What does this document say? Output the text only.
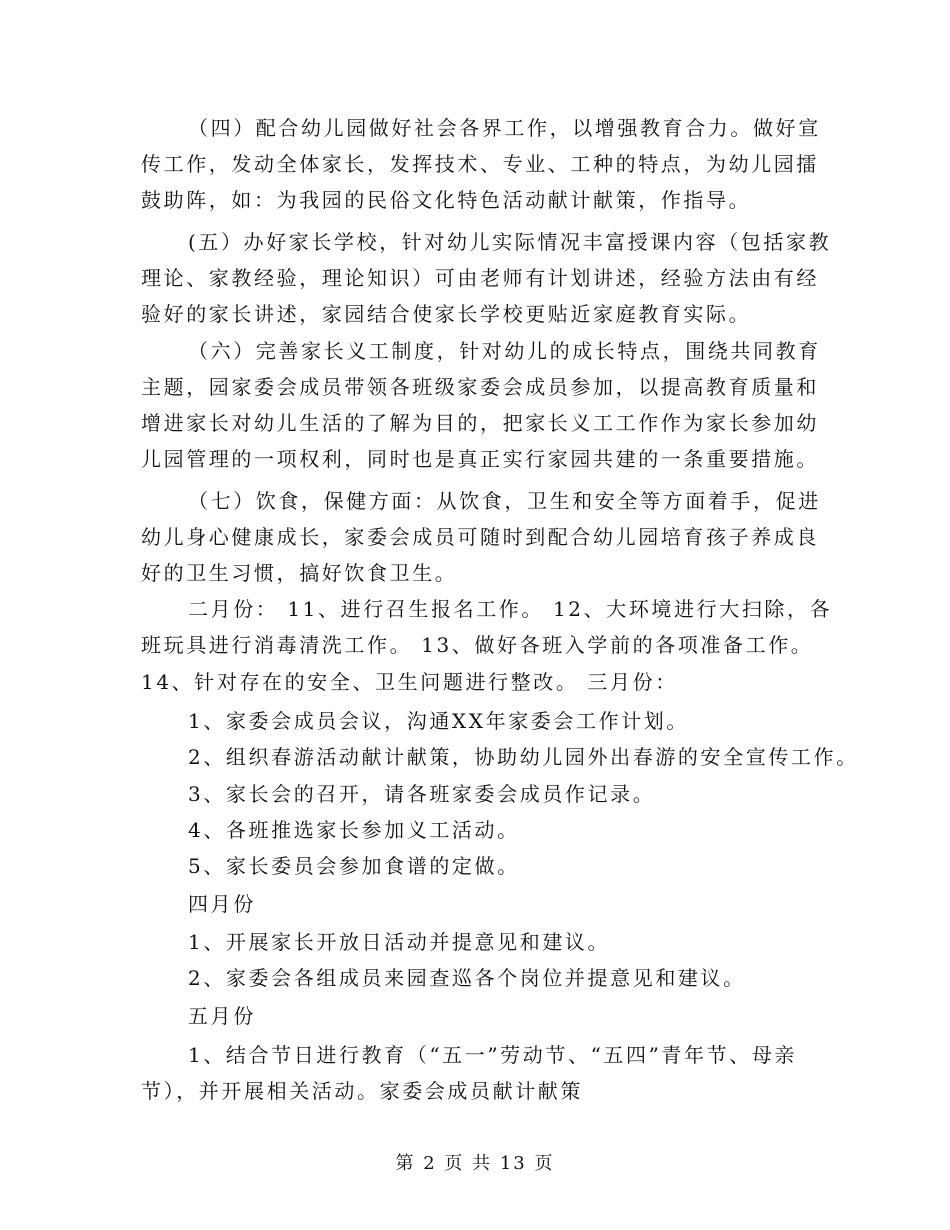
（四）配合幼儿园做好社会各界工作，以增强教育合力。做好宣
传工作，发动全体家长，发挥技术、专业、工种的特点，为幼儿园擂
鼓助阵，如：为我园的民俗文化特色活动献计献策，作指导。
(五）办好家长学校，针对幼儿实际情况丰富授课内容（包括家教
理论、家教经验，理论知识）可由老师有计划讲述，经验方法由有经
验好的家长讲述，家园结合使家长学校更贴近家庭教育实际。
（六）完善家长义工制度，针对幼儿的成长特点，围绕共同教育
主题，园家委会成员带领各班级家委会成员参加，以提高教育质量和
增进家长对幼儿生活的了解为目的，把家长义工工作作为家长参加幼
儿园管理的一项权利，同时也是真正实行家园共建的一条重要措施。
（七）饮食，保健方面：从饮食，卫生和安全等方面着手，促进
幼儿身心健康成长，家委会成员可随时到配合幼儿园培育孩子养成良
好的卫生习惯，搞好饮食卫生。
二月份： 11、进行召生报名工作。 12、大环境进行大扫除，各
班玩具进行消毒清洗工作。 13、做好各班入学前的各项准备工作。
14、针对存在的安全、卫生问题进行整改。 三月份：
1、家委会成员会议，沟通XX年家委会工作计划。
2、组织春游活动献计献策，协助幼儿园外出春游的安全宣传工作。
3、家长会的召开，请各班家委会成员作记录。
4、各班推选家长参加义工活动。
5、家长委员会参加食谱的定做。
四月份
1、开展家长开放日活动并提意见和建议。
2、家委会各组成员来园查巡各个岗位并提意见和建议。
五月份
1、结合节日进行教育（“五一”劳动节、“五四”青年节、母亲
节），并开展相关活动。家委会成员献计献策
第 2 页 共 13 页
